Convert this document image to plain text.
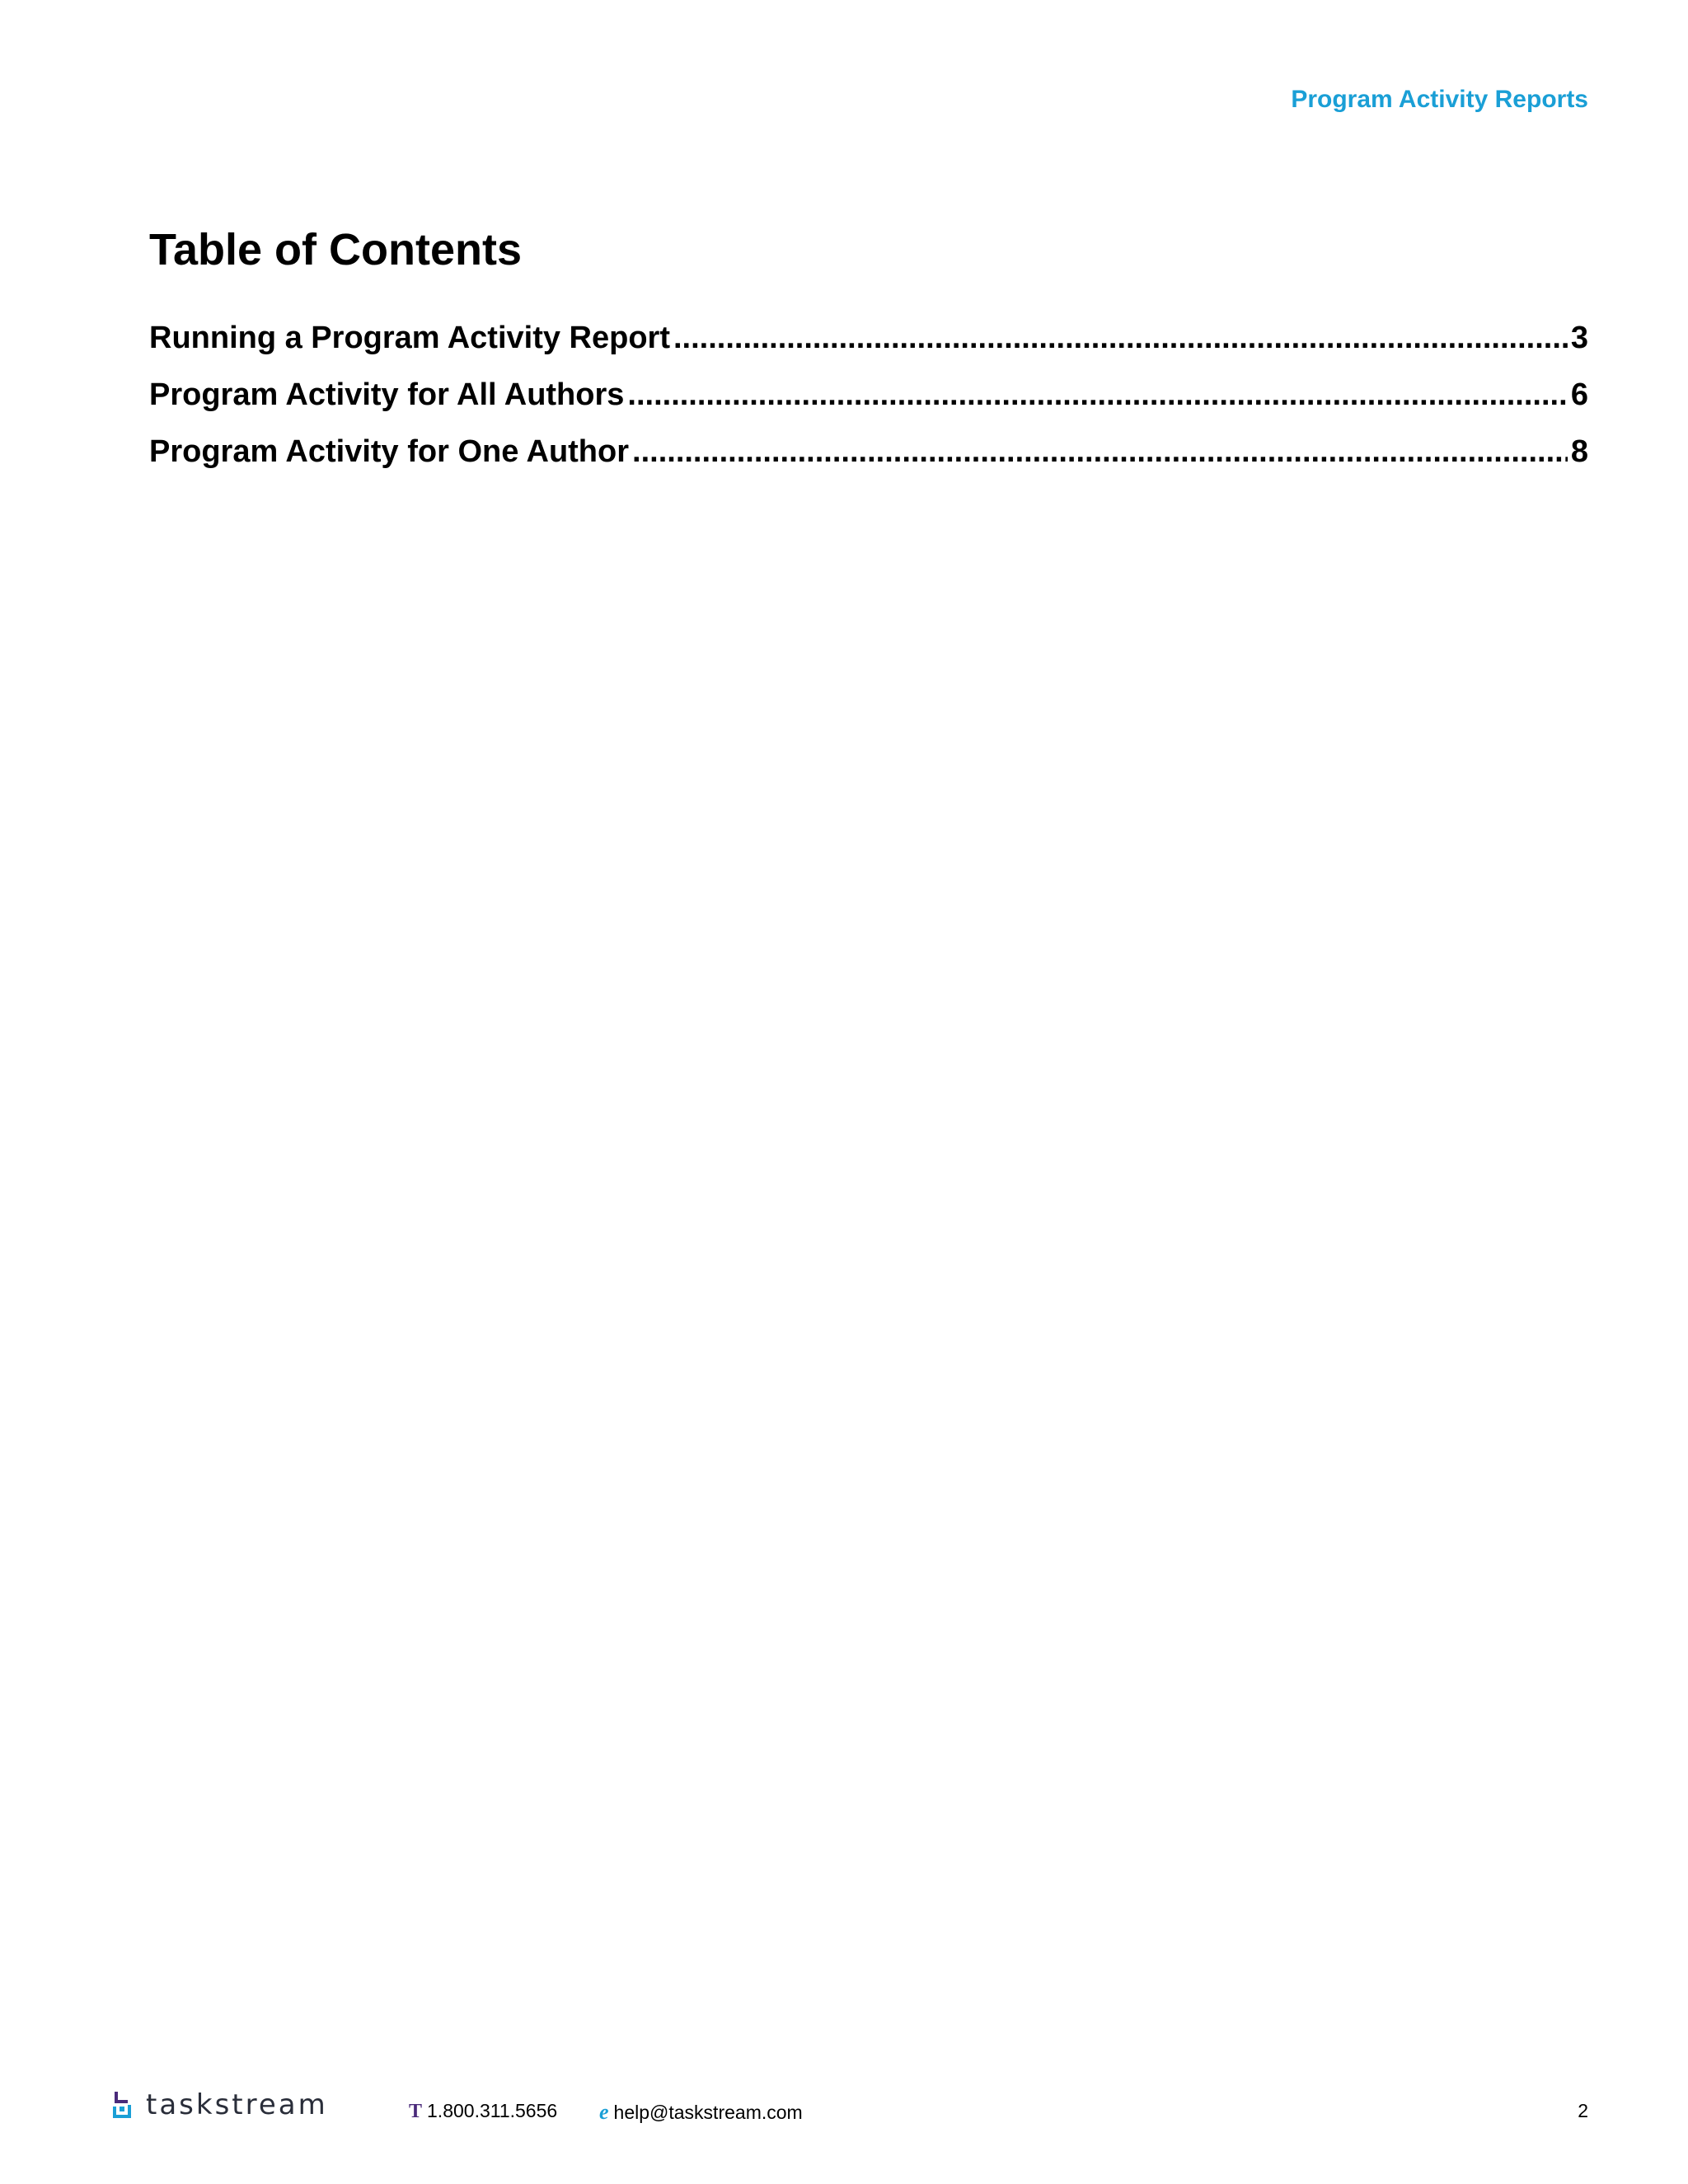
Program Activity Reports
Table of Contents
Running a Program Activity Report .....	3
Program Activity for All Authors .....	6
Program Activity for One Author .....	8
taskstream	T 1.800.311.5656 e help@taskstream.com	2
